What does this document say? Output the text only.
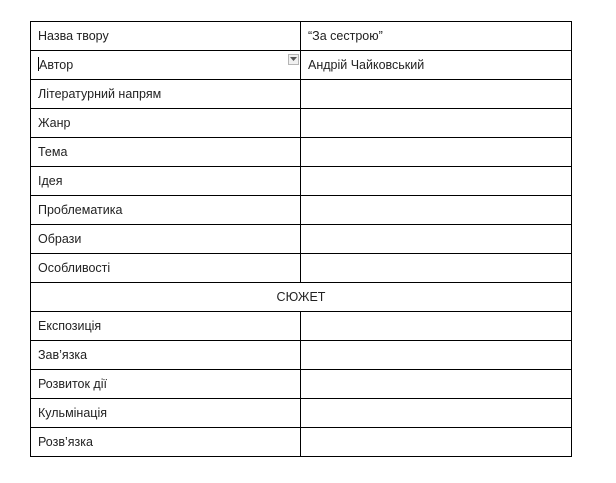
Назва твору	“За сестрою”
Автор	Андрій Чайковський
Літературний напрям	
Жанр	
Тема	
Ідея	
Проблематика	
Образи	
Особливості	
СЮЖЕТ	
Експозиція	
Зав’язка	
Розвиток дії	
Кульмінація	
Розв’язка	
